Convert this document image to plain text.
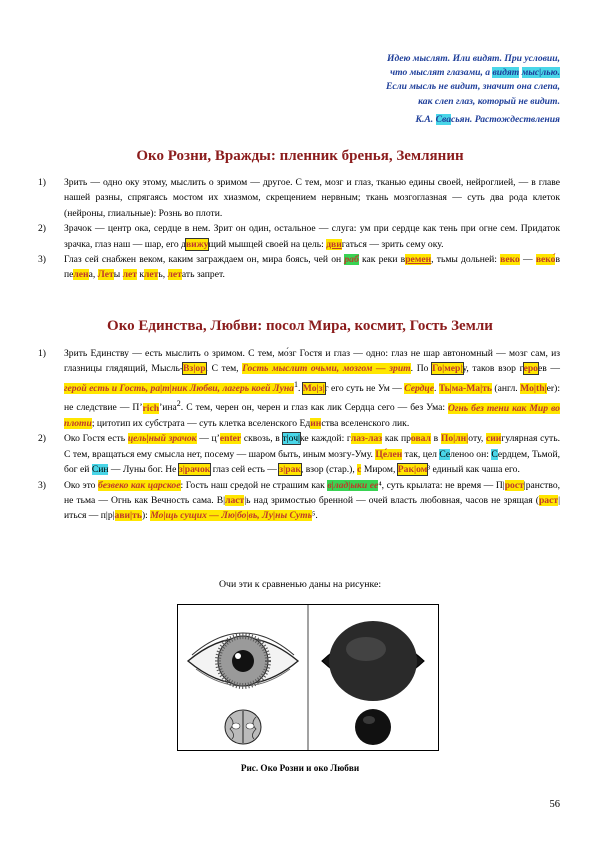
Идею мыслят. Или видят. При условии,
что мыслят глазами, а видят мыс|лью.
Если мысль не видит, значит она слепа,
как слеп глаз, который не видит.
К.А. Свасьян. Растождествления
Око Розни, Вражды: пленник бренья, Землянин
1) Зрить — одно оку этому, мыслить о зримом — другое. С тем, мозг и глаз, тканью едины своей, нейроглией, — в главе нашей разны, спрягаясь мостом их хиазмом, скрещением нервным; ткань мозгоглазная — суть два рода клеток (нейроны, глиальные): Рознь во плоти.
2) Зрачок — центр ока, сердце в нем. Зрит он один, остальное — слуга: ум при сердце как тень при огне сем. Придаток зрачка, глаз наш — шар, его движущий мышцей своей на цель: двигаться — зрить сему оку.
3) Глаз сей снабжен веком, каким заграждаем он, мира боясь, чей он раб как реки времен, тьмы дольней: веко — веко́в пелена, Леты лет клеть, летать запрет.
Око Единства, Любви: посол Мира, космит, Гость Земли
1) Зрить Единству — есть мыслить о зримом. С тем, мо́зг Гостя и глаз — одно: глаз не шар автономный — мозг сам, из глазницы глядящий, Мысль-Вз|ор. С тем, Гость мыслит очьми, мозгом — зрит. По Го|мер|у, таков взор героев — герой есть и Гость, ра|т|ник Любви, лагерь коей Луна$^1$. Мо|з|г его суть не Ум — Сердце. Ть|ма-Ма|ть (англ. Mo|th|er): не следствие — П’rich’ина$^2$. С тем, черен он, черен и глаз как лик Сердца сего — без Ума: Огнь без тени как Мир во плоти; цитотип их субстрата — суть клетка вселенского Единства вселенского лик.
2) Око Гостя есть цель|ный зрачок — ц’enter сквозь, в т|оч|ке каждой: глаз-лаз как провал в По|лн|оту, сиигулярная суть. С тем, вращаться ему смысла нет, посему — шаром быть, иным мозгу-Уму. Це́лен так, цел Селеноо он: Сердцем, Тьмой, бог ей Син — Луны бог. Не з|рачок глаз сей есть — з|рак, взор (стар.), с Миром, Рак|ом³ единый как чаша его.
3) Око это безвеко как царское: Гость наш средой не страшим как в|лад|ыки ее⁴, суть крылата: не время — П|рост|ранство, не тьма — Огнь как Вечность сама. В|ласт|ь над зримостью бренной — очей власть любовная, часов не зрящая (раст|иться — п|р|ави|ть): Мо|щь сущих — Лю|бо|вь, Лу|ны Суть⁵.
Очи эти к сравненью даны на рисунке:
Рис. Око Розни и око Любви
56
